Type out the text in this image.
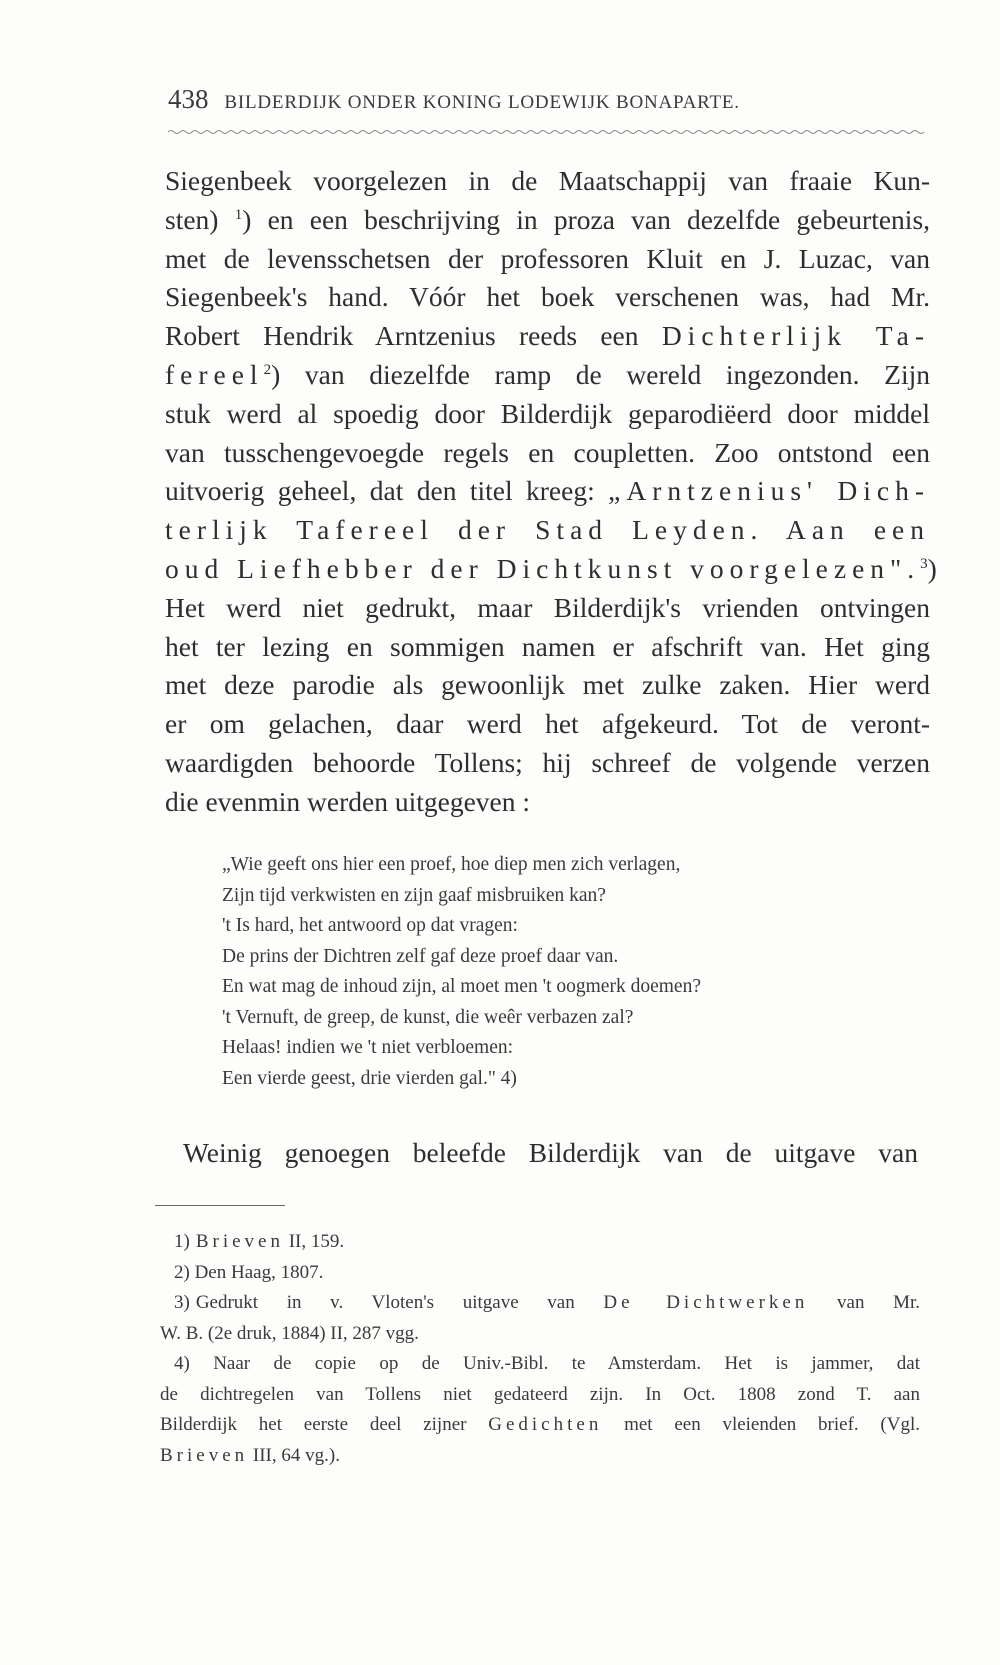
438 BILDERDIJK ONDER KONING LODEWIJK BONAPARTE.
Siegenbeek voorgelezen in de Maatschappij van fraaie Kun-
sten) $^1$) en een beschrijving in proza van dezelfde gebeurtenis,
met de levensschetsen der professoren Kluit en J. Luzac, van
Siegenbeek's hand. Vóór het boek verschenen was, had Mr.
Robert Hendrik Arntzenius reeds een Dichterlijk Ta-
fereel$^2$) van diezelfde ramp de wereld ingezonden. Zijn
stuk werd al spoedig door Bilderdijk geparodiëerd door middel
van tusschengevoegde regels en coupletten. Zoo ontstond een
uitvoerig geheel, dat den titel kreeg: „Arntzenius' Dich-
terlijk Tafereel der Stad Leyden. Aan een
oud Liefhebber der Dichtkunst voorgelezen".$^3$)
Het werd niet gedrukt, maar Bilderdijk's vrienden ontvingen
het ter lezing en sommigen namen er afschrift van. Het ging
met deze parodie als gewoonlijk met zulke zaken. Hier werd
er om gelachen, daar werd het afgekeurd. Tot de veront-
waardigden behoorde Tollens; hij schreef de volgende verzen
die evenmin werden uitgegeven :
„Wie geeft ons hier een proef, hoe diep men zich verlagen,
Zijn tijd verkwisten en zijn gaaf misbruiken kan?
't Is hard, het antwoord op dat vragen:
De prins der Dichtren zelf gaf deze proef daar van.
En wat mag de inhoud zijn, al moet men 't oogmerk doemen?
't Vernuft, de greep, de kunst, die weêr verbazen zal?
Helaas! indien we 't niet verbloemen:
Een vierde geest, drie vierden gal." 4)
Weinig genoegen beleefde Bilderdijk van de uitgave van
1) Brieven II, 159.
2) Den Haag, 1807.
3) Gedrukt in v. Vloten's uitgave van De Dichtwerken van Mr.
W. B. (2e druk, 1884) II, 287 vgg.
4) Naar de copie op de Univ.-Bibl. te Amsterdam. Het is jammer, dat
de dichtregelen van Tollens niet gedateerd zijn. In Oct. 1808 zond T. aan
Bilderdijk het eerste deel zijner Gedichten met een vleienden brief. (Vgl.
Brieven III, 64 vg.).
